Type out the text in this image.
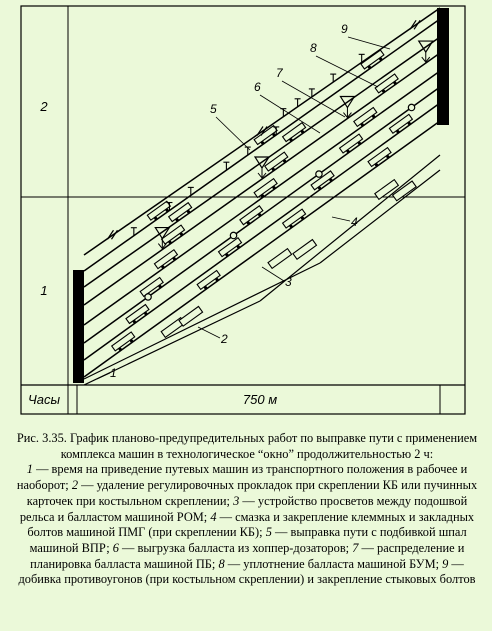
2
1
Часы	750 м
1
2
3
4
5
6
7
8
9

Рис. 3.35. График планово-предупредительных работ по выправке пути с применением комплекса машин в технологическое “окно” продолжительностью 2 ч:

1 — время на приведение путевых машин из транспортного положения в рабочее и наоборот; 2 — удаление регулировочных прокладок при скреплении КБ или пучинных карточек при костыльном скреплении; 3 — устройство просветов между подошвой рельса и балластом машиной РОМ; 4 — смазка и закрепление клеммных и закладных болтов машиной ПМГ (при скреплении КБ); 5 — выправка пути с подбивкой шпал машиной ВПР; 6 — выгрузка балласта из хоппер-дозаторов; 7 — распределение и планировка балласта машиной ПБ; 8 — уплотнение балласта машиной БУМ; 9 — добивка противоугонов (при костыльном скреплении) и закрепление стыковых болтов
